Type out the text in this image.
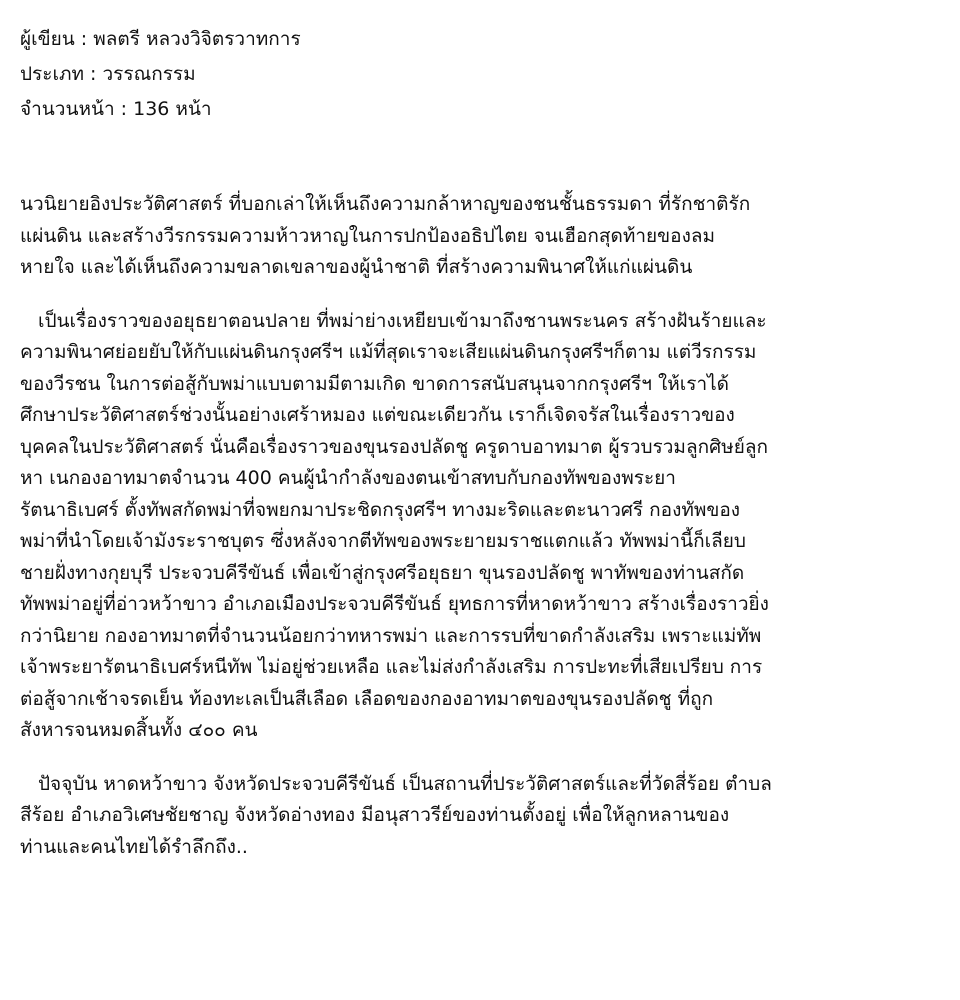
ผู้เขียน : พลตรี หลวงวิจิตรวาทการ
ประเภท : วรรณกรรม
จำนวนหน้า : 136 หน้า

นวนิยายอิงประวัติศาสตร์ ที่บอกเล่าให้เห็นถึงความกล้าหาญของชนชั้นธรรมดา ที่รักชาติรัก
แผ่นดิน และสร้างวีรกรรมความห้าวหาญในการปกป้องอธิปไตย จนเฮือกสุดท้ายของลม
หายใจ และได้เห็นถึงความขลาดเขลาของผู้นำชาติ ที่สร้างความพินาศให้แก่แผ่นดิน

เป็นเรื่องราวของอยุธยาตอนปลาย ที่พม่าย่างเหยียบเข้ามาถึงชานพระนคร สร้างฝันร้ายและ
ความพินาศย่อยยับให้กับแผ่นดินกรุงศรีฯ แม้ที่สุดเราจะเสียแผ่นดินกรุงศรีฯก็ตาม แต่วีรกรรม
ของวีรชน ในการต่อสู้กับพม่าแบบตามมีตามเกิด ขาดการสนับสนุนจากกรุงศรีฯ ให้เราได้
ศึกษาประวัติศาสตร์ช่วงนั้นอย่างเศร้าหมอง แต่ขณะเดียวกัน เราก็เจิดจรัสในเรื่องราวของ
บุคคลในประวัติศาสตร์ นั่นคือเรื่องราวของขุนรองปลัดชู ครูดาบอาทมาต ผู้รวบรวมลูกศิษย์ลูก
หา เนกองอาทมาตจำนวน 400 คนผู้นำกำลังของตนเข้าสทบกับกองทัพของพระยา
รัตนาธิเบศร์ ตั้งทัพสกัดพม่าที่จพยกมาประชิดกรุงศรีฯ ทางมะริดและตะนาวศรี กองทัพของ
พม่าที่นำโดยเจ้ามังระราชบุตร ซึ่งหลังจากตีทัพของพระยายมราชแตกแล้ว ทัพพม่านี้ก็เลียบ
ชายฝั่งทางกุยบุรี ประจวบคีรีขันธ์ เพื่อเข้าสู่กรุงศรีอยุธยา ขุนรองปลัดชู พาทัพของท่านสกัด
ทัพพม่าอยู่ที่อ่าวหว้าขาว อำเภอเมืองประจวบคีรีขันธ์ ยุทธการที่หาดหว้าขาว สร้างเรื่องราวยิ่ง
กว่านิยาย กองอาทมาตที่จำนวนน้อยกว่าทหารพม่า และการรบที่ขาดกำลังเสริม เพราะแม่ทัพ
เจ้าพระยารัตนาธิเบศร์หนีทัพ ไม่อยู่ช่วยเหลือ และไม่ส่งกำลังเสริม การปะทะที่เสียเปรียบ การ
ต่อสู้จากเช้าจรดเย็น ท้องทะเลเป็นสีเลือด เลือดของกองอาทมาตของขุนรองปลัดชู ที่ถูก
สังหารจนหมดสิ้นทั้ง ๔๐๐ คน

ปัจจุบัน หาดหว้าขาว จังหวัดประจวบคีรีขันธ์ เป็นสถานที่ประวัติศาสตร์และที่วัดสี่ร้อย ตำบล
สีร้อย อำเภอวิเศษชัยชาญ จังหวัดอ่างทอง มีอนุสาวรีย์ของท่านตั้งอยู่ เพื่อให้ลูกหลานของ
ท่านและคนไทยได้รำลึกถึง..
